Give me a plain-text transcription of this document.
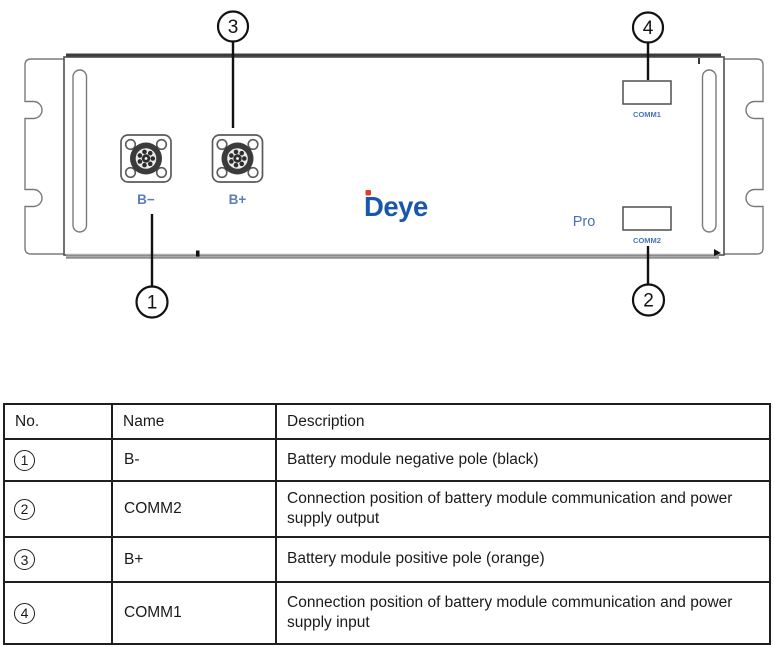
B−	B+
COMM1
COMM2
Deye	Pro
3	4
1	2
No.	Name	Description
1	B-	Battery module negative pole (black)
2	COMM2	Connection position of battery module communication and power supply output
3	B+	Battery module positive pole (orange)
4	COMM1	Connection position of battery module communication and power supply input
